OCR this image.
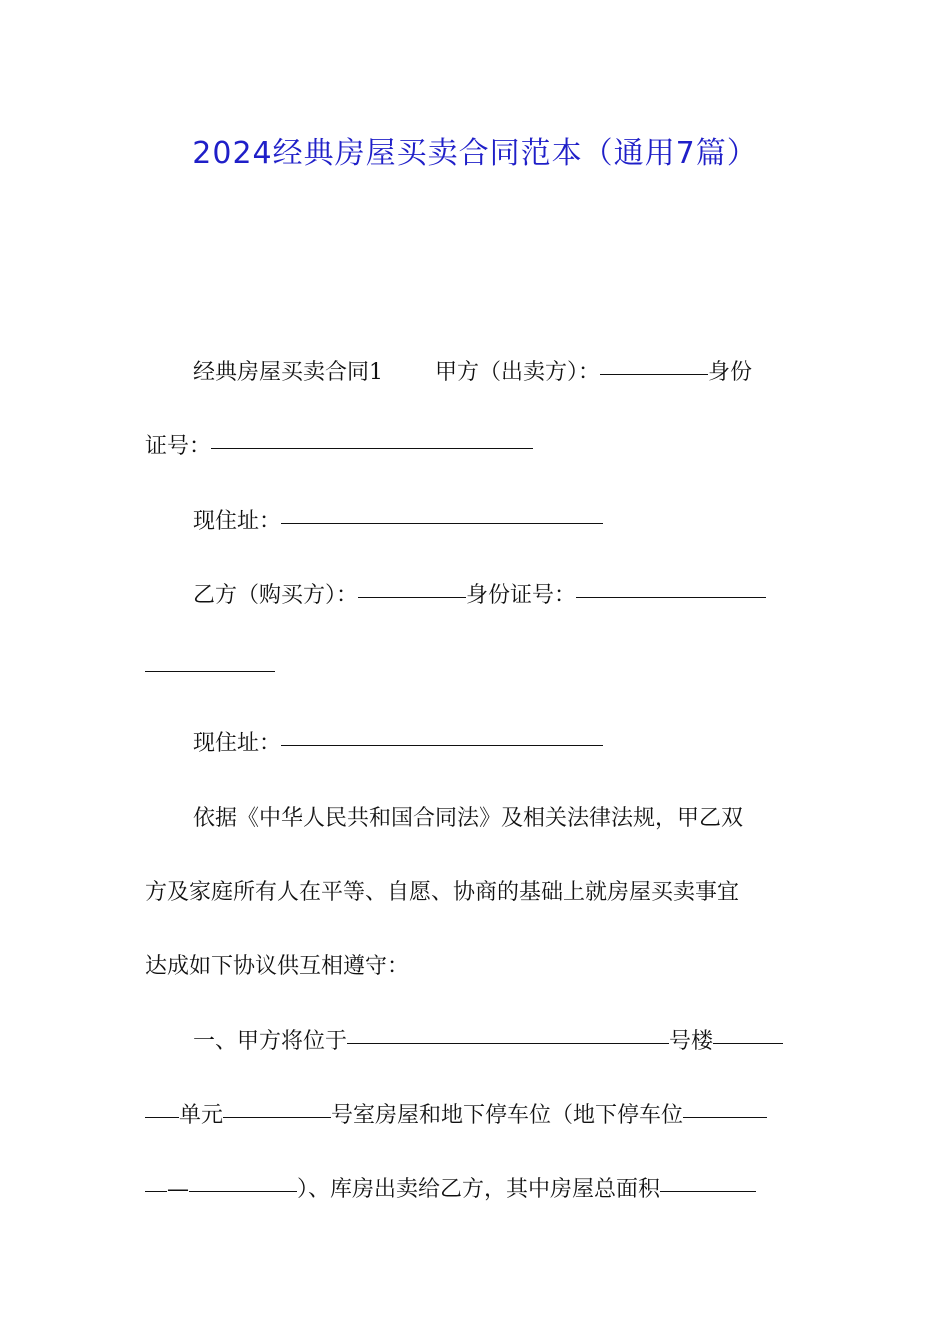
2024经典房屋买卖合同范本（通用7篇）
经典房屋买卖合同1 甲方（出卖方）：	身份
证号：
现住址：
乙方（购买方）：	身份证号：
现住址：
依据《中华人民共和国合同法》及相关法律法规，甲乙双
方及家庭所有人在平等、自愿、协商的基础上就房屋买卖事宜
达成如下协议供互相遵守：
一、甲方将位于	号楼
单元	号室房屋和地下停车位（地下停车位
—	）、库房出卖给乙方，其中房屋总面积
